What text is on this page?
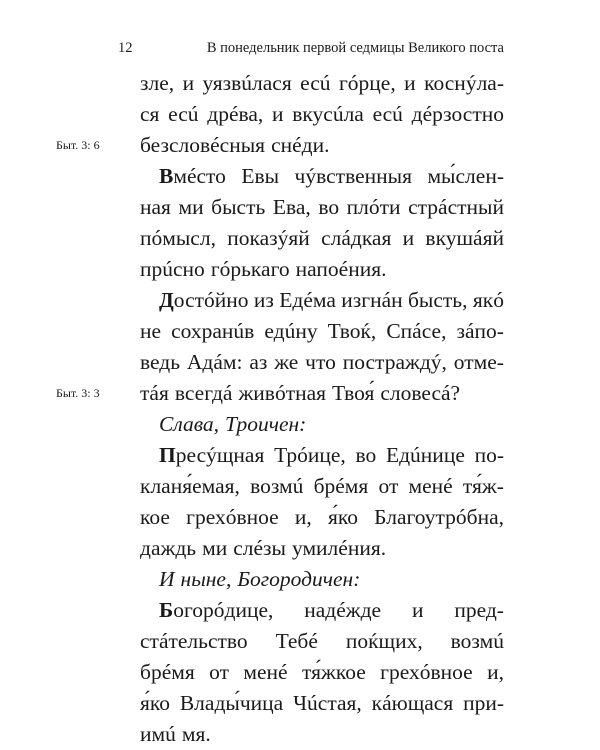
12	В понедельник первой седмицы Великого поста
зле, и уязвúлася есú гóрце, и коснýла-
ся есú дрéва, и вкусúла есú дéрзостно
Быт. 3: 6	безсловéсныя снéди.
Вмéсто Евы чýвственныя мы́слен-
ная ми бысть Ева, во плóти стрáстный
пóмысл, показýяй слáдкая и вкушáяй
прúсно гóрькаго напоéния.
Достóйно из Едéма изгнáн бысть, якó
не сохранúв едúну Твоќ, Спáсе, зáпо-
ведь Адáм: аз же что постраждý, отме-
Быт. 3: 3	тáя всегдá живóтная Твоя́ словесá?
Слава, Троичен:
Пресýщная Трóице, во Едúнице по-
кланя́емая, возмú брéмя от менé тя́ж-
кое грехóвное и, я́ко Благоутрóбна,
даждь ми слéзы умилéния.
И ныне, Богородичен:
Богорóдице, надéжде и пред-
стáтельство Тебé поќщих, возмú
брéмя от менé тя́жкое грехóвное и,
я́ко Влады́чица Чúстая, кáющася при-
имú мя.
